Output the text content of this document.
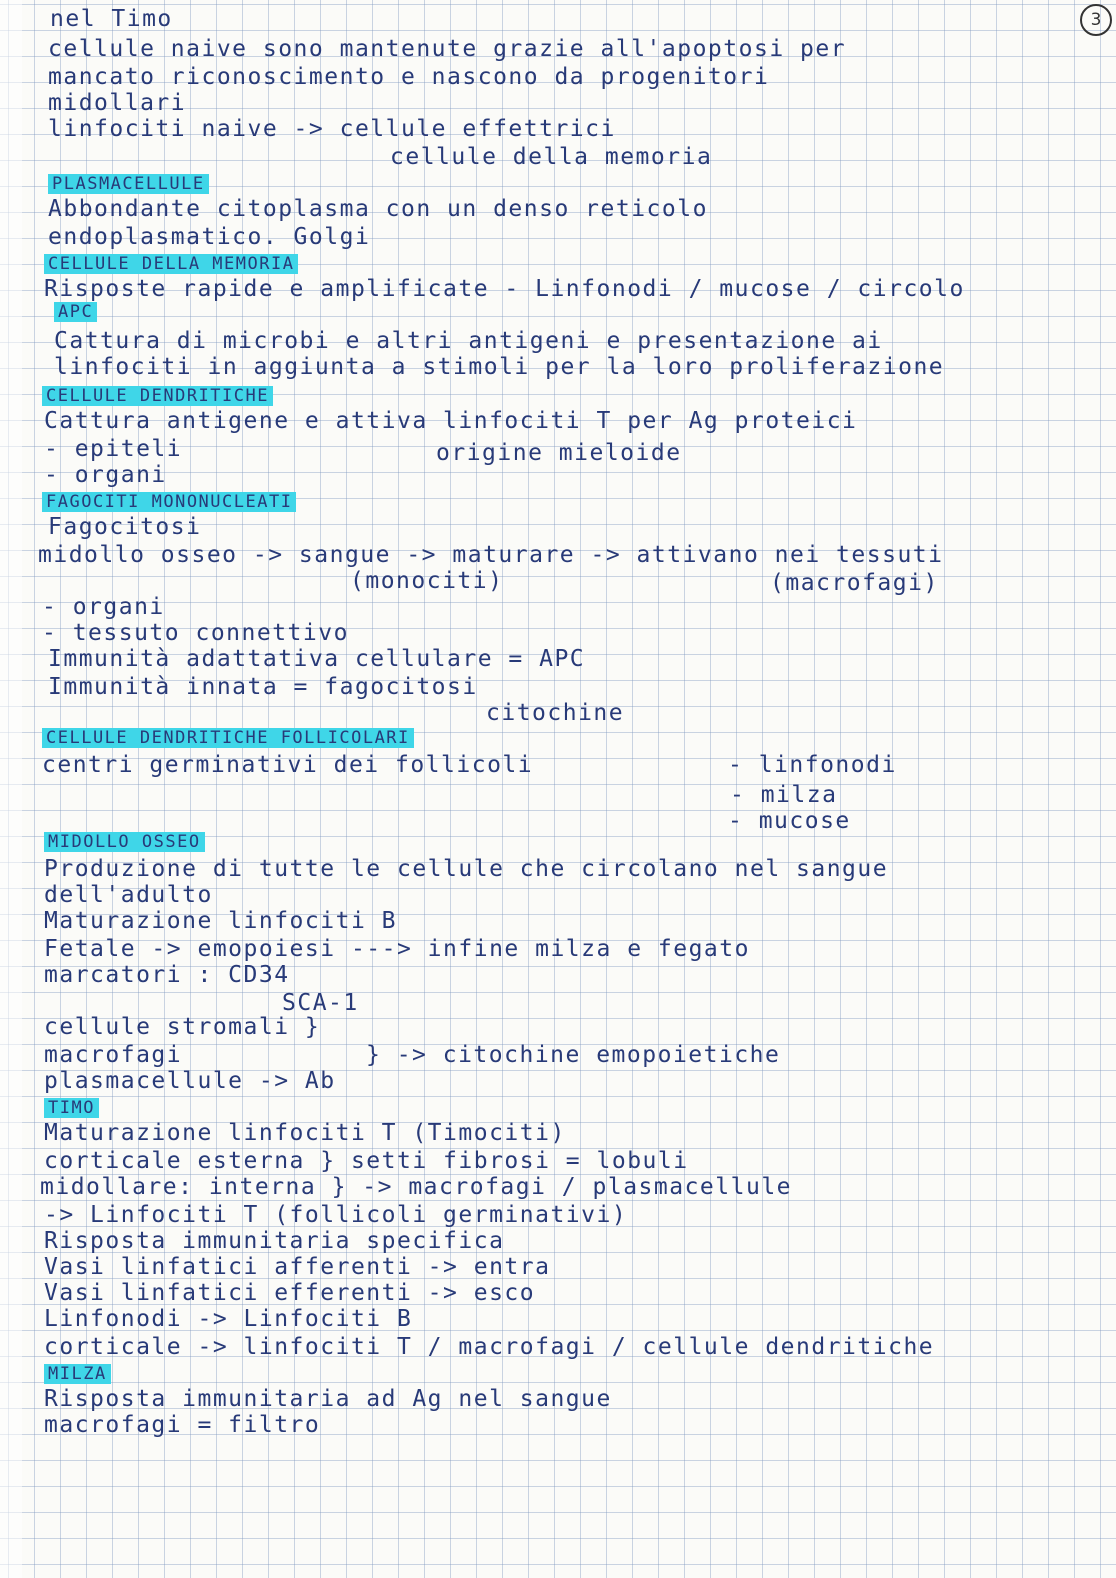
3
nel Timo
cellule naive sono mantenute grazie all'apoptosi per
mancato riconoscimento e nascono da progenitori
midollari
linfociti naive -> cellule effettrici
cellule della memoria
PLASMACELLULE
Abbondante citoplasma con un denso reticolo
endoplasmatico. Golgi
CELLULE DELLA MEMORIA
Risposte rapide e amplificate - Linfonodi / mucose / circolo
APC
Cattura di microbi e altri antigeni e presentazione ai
linfociti in aggiunta a stimoli per la loro proliferazione
CELLULE DENDRITICHE
Cattura antigene e attiva linfociti T per Ag proteici
- epiteli	origine mieloide
- organi
FAGOCITI MONONUCLEATI
Fagocitosi
midollo osseo -> sangue -> maturare -> attivano nei tessuti
(monociti)	(macrofagi)
- organi
- tessuto connettivo
Immunità adattativa cellulare = APC
Immunità innata = fagocitosi
citochine
CELLULE DENDRITICHE FOLLICOLARI
centri germinativi dei follicoli	- linfonodi
- milza
- mucose
MIDOLLO OSSEO
Produzione di tutte le cellule che circolano nel sangue
dell'adulto
Maturazione linfociti B
Fetale -> emopoiesi ---> infine milza e fegato
marcatori : CD34
SCA-1
cellule stromali }
macrofagi	} -> citochine emopoietiche
plasmacellule -> Ab
TIMO
Maturazione linfociti T (Timociti)
corticale esterna } setti fibrosi = lobuli
midollare: interna } -> macrofagi / plasmacellule
-> Linfociti T (follicoli germinativi)
Risposta immunitaria specifica
Vasi linfatici afferenti -> entra
Vasi linfatici efferenti -> esco
Linfonodi -> Linfociti B
corticale -> linfociti T / macrofagi / cellule dendritiche
MILZA
Risposta immunitaria ad Ag nel sangue
macrofagi = filtro
